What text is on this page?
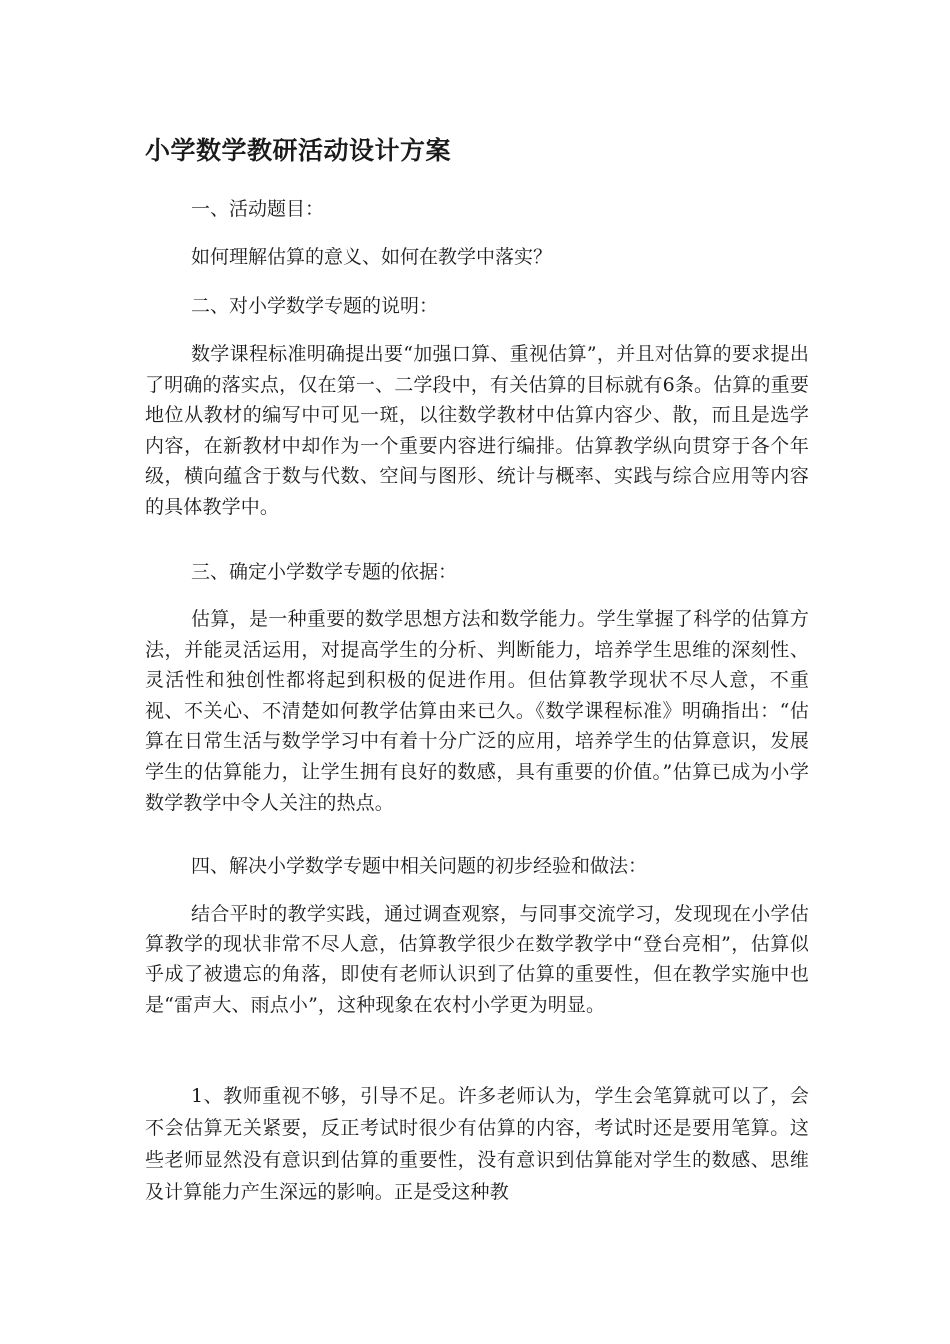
小学数学教研活动设计方案

一、活动题目：

如何理解估算的意义、如何在教学中落实？

二、对小学数学专题的说明：

数学课程标准明确提出要“加强口算、重视估算”，并且对估算的要求提出了明确的落实点，仅在第一、二学段中，有关估算的目标就有6条。估算的重要地位从教材的编写中可见一斑，以往数学教材中估算内容少、散，而且是选学内容，在新教材中却作为一个重要内容进行编排。估算教学纵向贯穿于各个年级，横向蕴含于数与代数、空间与图形、统计与概率、实践与综合应用等内容的具体教学中。

三、确定小学数学专题的依据：

估算，是一种重要的数学思想方法和数学能力。学生掌握了科学的估算方法，并能灵活运用，对提高学生的分析、判断能力，培养学生思维的深刻性、灵活性和独创性都将起到积极的促进作用。但估算教学现状不尽人意，不重视、不关心、不清楚如何教学估算由来已久。《数学课程标准》明确指出：“估算在日常生活与数学学习中有着十分广泛的应用，培养学生的估算意识，发展学生的估算能力，让学生拥有良好的数感，具有重要的价值。”估算已成为小学数学教学中令人关注的热点。

四、解决小学数学专题中相关问题的初步经验和做法：

结合平时的教学实践，通过调查观察，与同事交流学习，发现现在小学估算教学的现状非常不尽人意，估算教学很少在数学教学中“登台亮相”，估算似乎成了被遗忘的角落，即使有老师认识到了估算的重要性，但在教学实施中也是“雷声大、雨点小”，这种现象在农村小学更为明显。

1、教师重视不够，引导不足。许多老师认为，学生会笔算就可以了，会不会估算无关紧要，反正考试时很少有估算的内容，考试时还是要用笔算。这些老师显然没有意识到估算的重要性，没有意识到估算能对学生的数感、思维及计算能力产生深远的影响。正是受这种教
